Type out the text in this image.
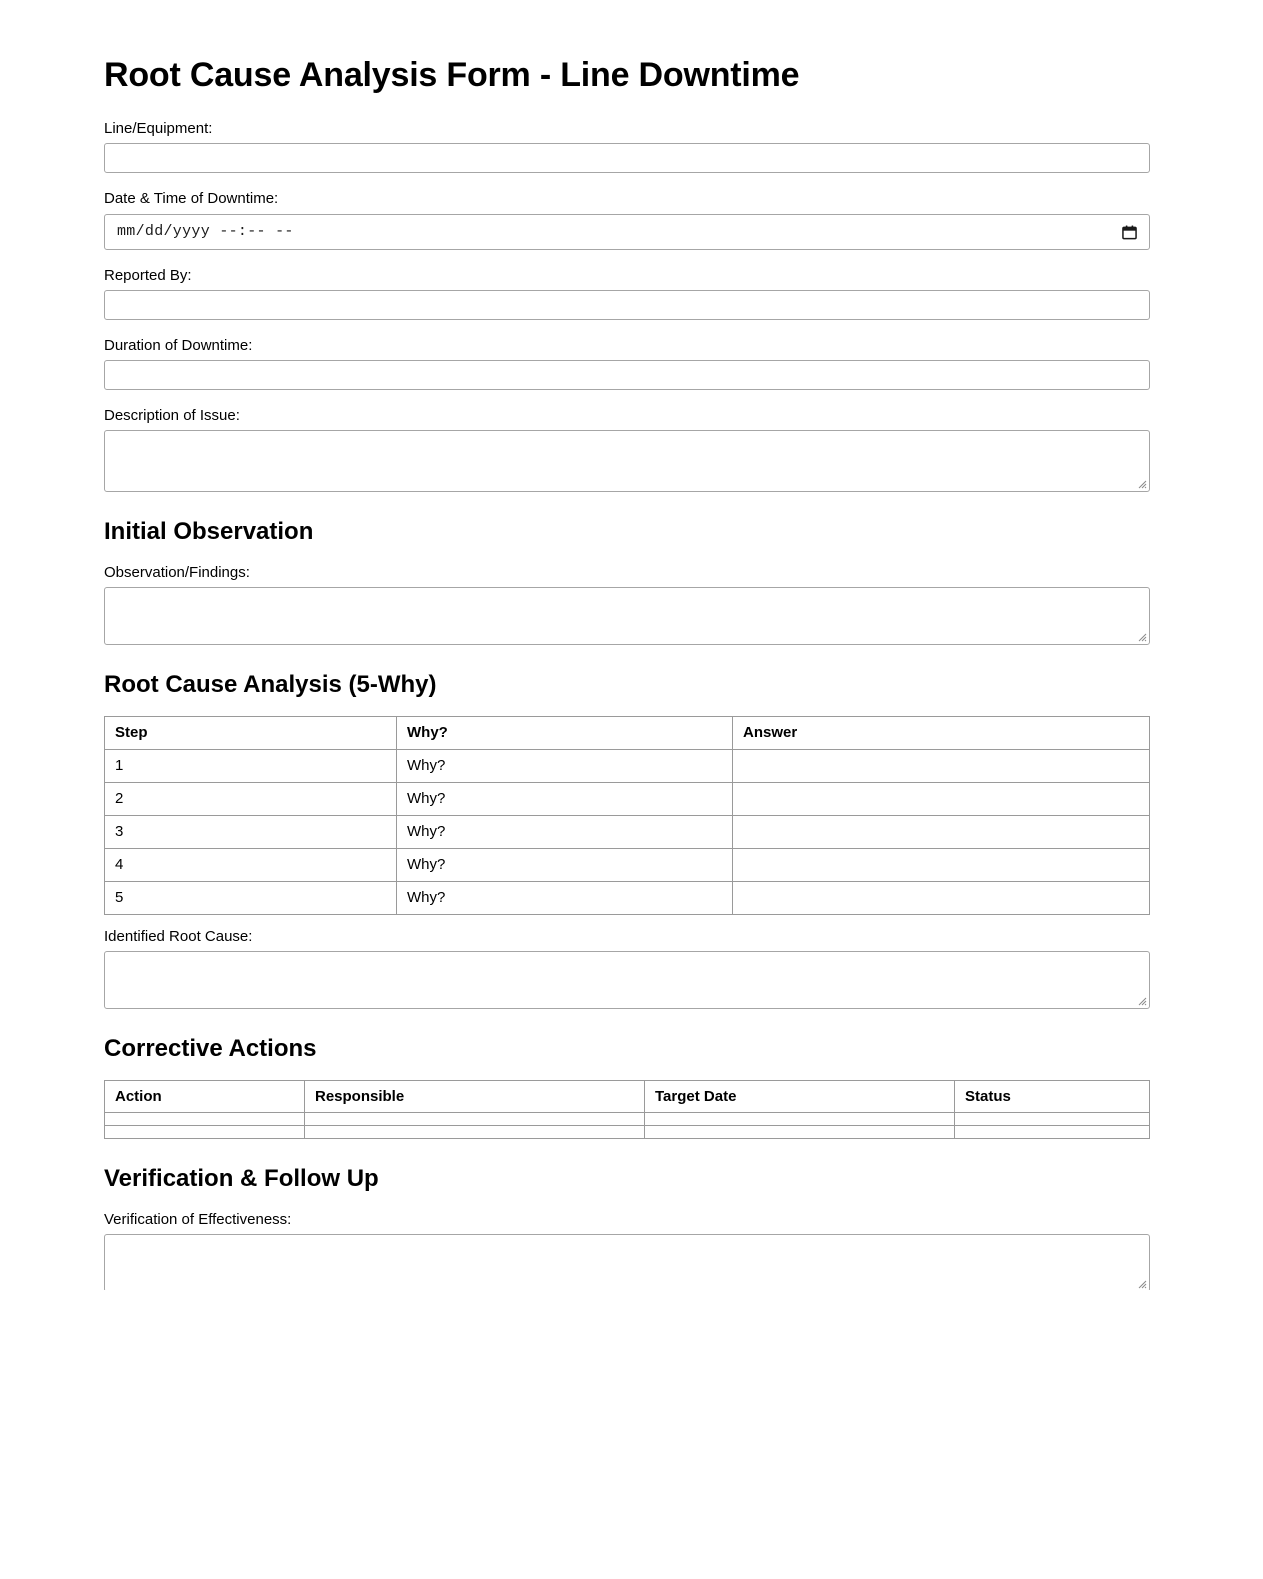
Root Cause Analysis Form - Line Downtime
Line/Equipment:
Date & Time of Downtime:
mm/dd/yyyy --:-- --
Reported By:
Duration of Downtime:
Description of Issue:
Initial Observation
Observation/Findings:
Root Cause Analysis (5-Why)
Step	Why?	Answer
1	Why?	
2	Why?	
3	Why?	
4	Why?	
5	Why?	
Identified Root Cause:
Corrective Actions
Action	Responsible	Target Date	Status

Verification & Follow Up
Verification of Effectiveness:
